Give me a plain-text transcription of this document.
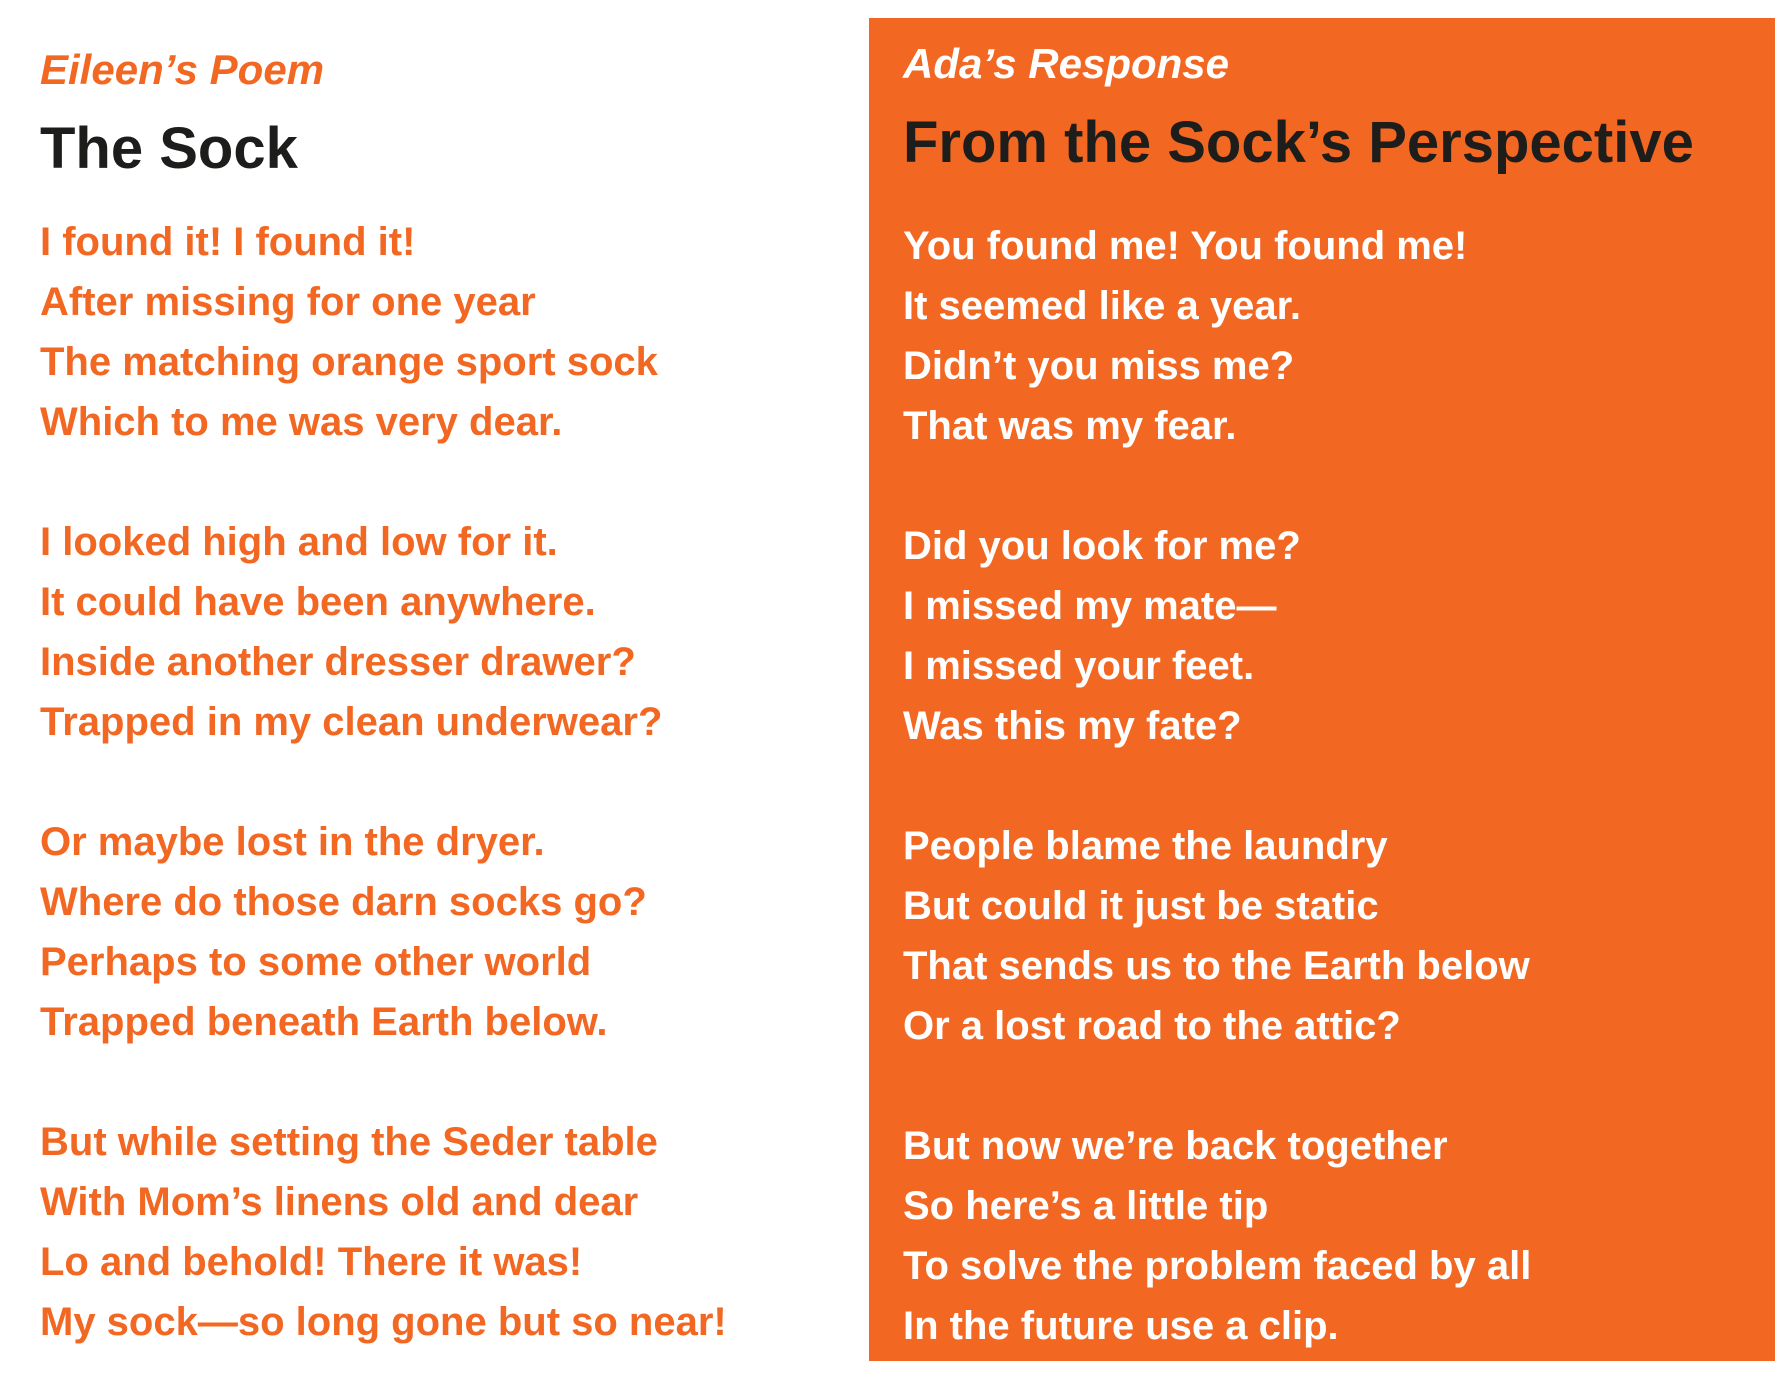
Eileen’s Poem

The Sock
I found it! I found it!
After missing for one year
The matching orange sport sock
Which to me was very dear.
I looked high and low for it.
It could have been anywhere.
Inside another dresser drawer?
Trapped in my clean underwear?
Or maybe lost in the dryer.
Where do those darn socks go?
Perhaps to some other world
Trapped beneath Earth below.
But while setting the Seder table
With Mom’s linens old and dear
Lo and behold! There it was!
My sock—so long gone but so near!

Ada’s Response

From the Sock’s Perspective
You found me! You found me!
It seemed like a year.
Didn’t you miss me?
That was my fear.
Did you look for me?
I missed my mate—
I missed your feet.
Was this my fate?
People blame the laundry
But could it just be static
That sends us to the Earth below
Or a lost road to the attic?
But now we’re back together
So here’s a little tip
To solve the problem faced by all
In the future use a clip.
